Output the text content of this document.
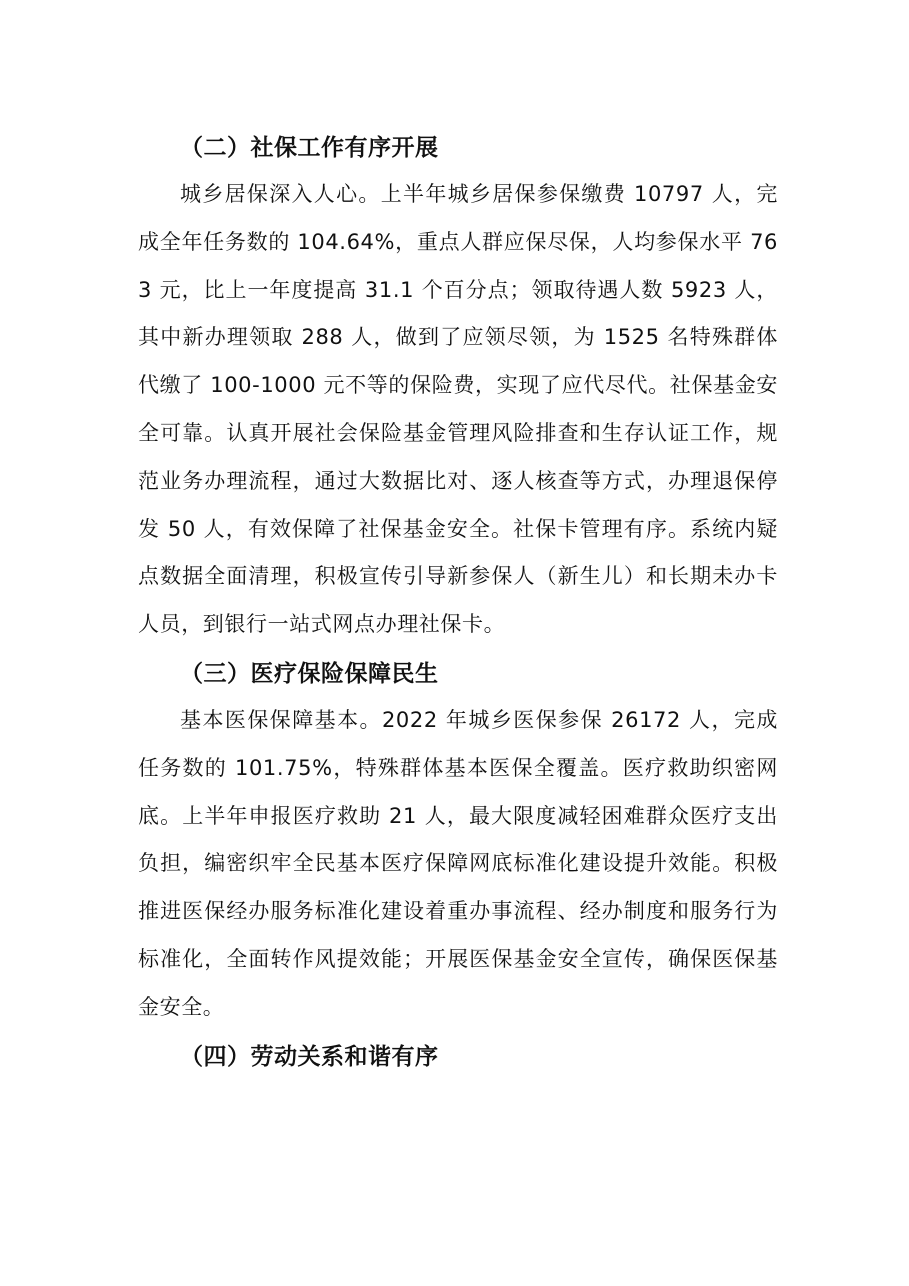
（二）社保工作有序开展

城乡居保深入人心。上半年城乡居保参保缴费 10797 人，完成全年任务数的 104.64%，重点人群应保尽保，人均参保水平 763 元，比上一年度提高 31.1 个百分点；领取待遇人数 5923 人，其中新办理领取 288 人，做到了应领尽领，为 1525 名特殊群体代缴了 100-1000 元不等的保险费，实现了应代尽代。社保基金安全可靠。认真开展社会保险基金管理风险排查和生存认证工作，规范业务办理流程，通过大数据比对、逐人核查等方式，办理退保停发 50 人，有效保障了社保基金安全。社保卡管理有序。系统内疑点数据全面清理，积极宣传引导新参保人（新生儿）和长期未办卡人员，到银行一站式网点办理社保卡。

（三）医疗保险保障民生

基本医保保障基本。2022 年城乡医保参保 26172 人，完成任务数的 101.75%，特殊群体基本医保全覆盖。医疗救助织密网底。上半年申报医疗救助 21 人，最大限度减轻困难群众医疗支出负担，编密织牢全民基本医疗保障网底标准化建设提升效能。积极推进医保经办服务标准化建设着重办事流程、经办制度和服务行为标准化，全面转作风提效能；开展医保基金安全宣传，确保医保基金安全。

（四）劳动关系和谐有序
